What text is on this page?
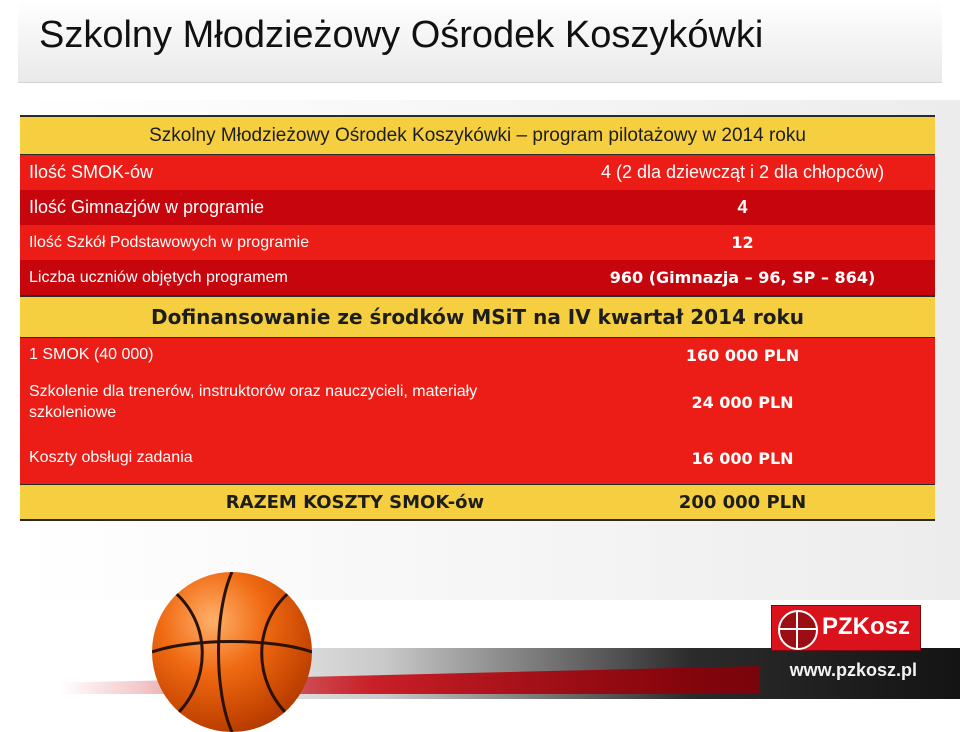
Szkolny Młodzieżowy Ośrodek Koszykówki
Szkolny Młodzieżowy Ośrodek Koszykówki – program pilotażowy w 2014 roku		
Ilość SMOK-ów		4 (2 dla dziewcząt i 2 dla chłopców)
Ilość Gimnazjów w programie		4
Ilość Szkół Podstawowych w programie		12
Liczba uczniów objętych programem		960 (Gimnazja – 96, SP – 864)
Dofinansowanie ze środków MSiT na IV kwartał 2014 roku		
1 SMOK (40 000)		160 000 PLN
Szkolenie dla trenerów, instruktorów oraz nauczycieli, materiały szkoleniowe		24 000 PLN
Koszty obsługi zadania		16 000 PLN
	RAZEM KOSZTY SMOK-ów	200 000 PLN
www.pzkosz.pl
PZKosz
